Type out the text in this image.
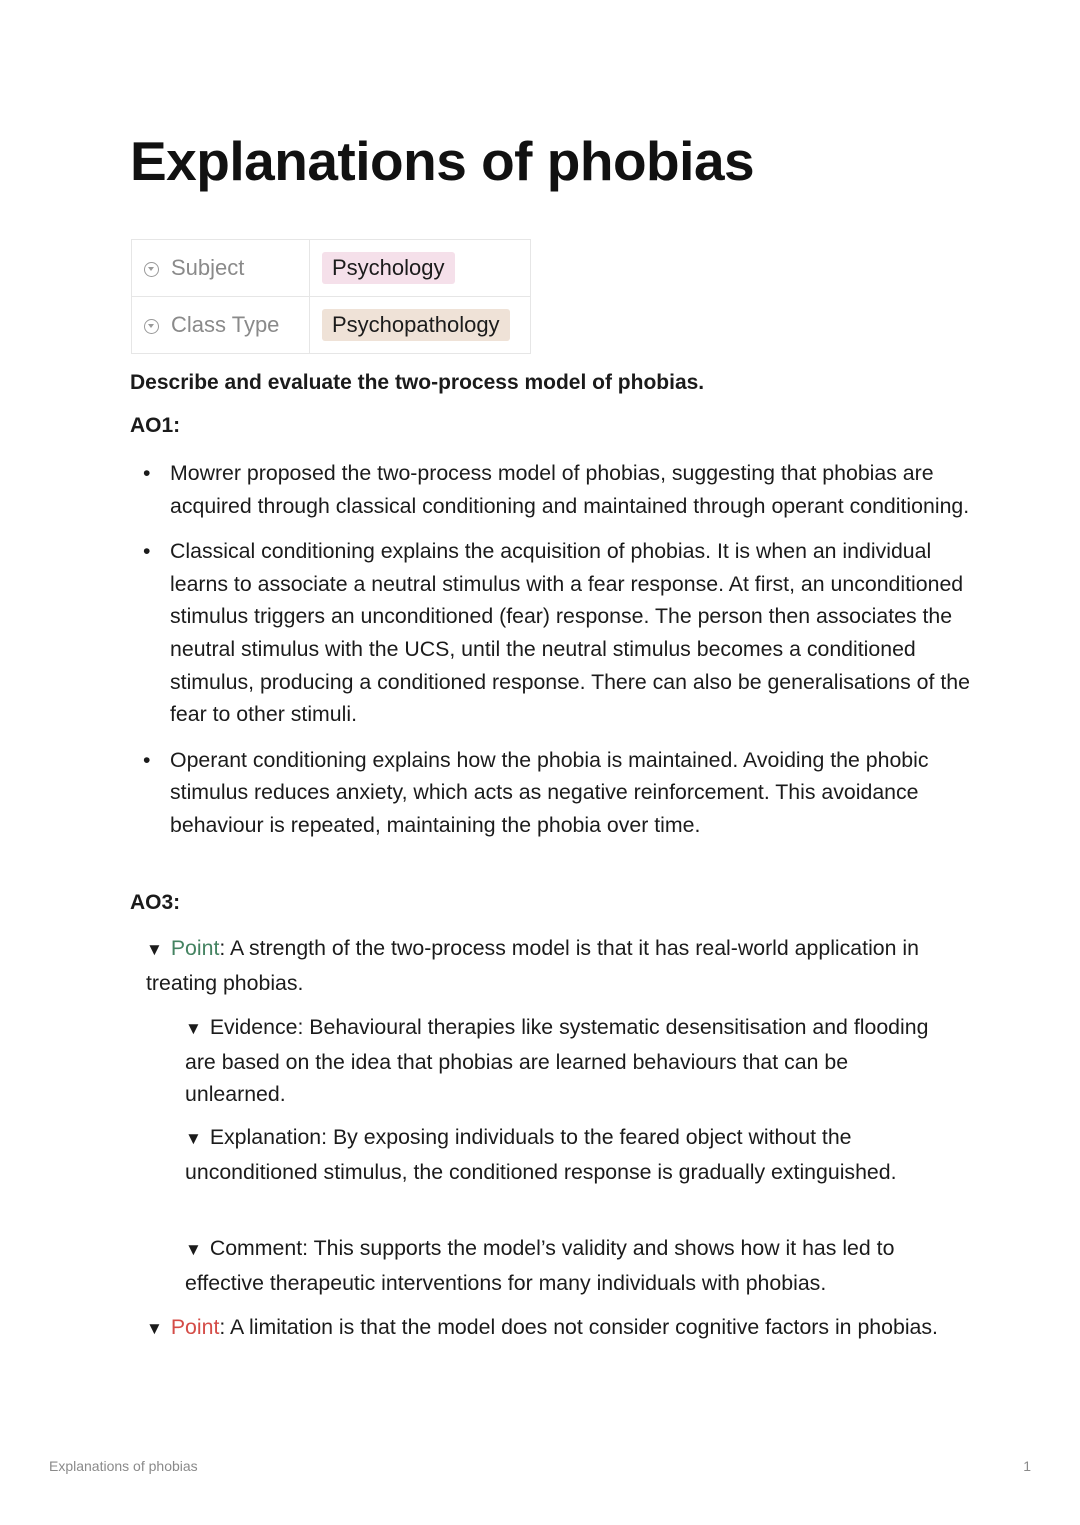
Explanations of phobias
Subject	Psychology
Class Type	Psychopathology

Describe and evaluate the two-process model of phobias.

AO1:

• Mowrer proposed the two-process model of phobias, suggesting that phobias are acquired through classical conditioning and maintained through operant conditioning.
• Classical conditioning explains the acquisition of phobias. It is when an individual learns to associate a neutral stimulus with a fear response. At first, an unconditioned stimulus triggers an unconditioned (fear) response. The person then associates the neutral stimulus with the UCS, until the neutral stimulus becomes a conditioned stimulus, producing a conditioned response. There can also be generalisations of the fear to other stimuli.
• Operant conditioning explains how the phobia is maintained. Avoiding the phobic stimulus reduces anxiety, which acts as negative reinforcement. This avoidance behaviour is repeated, maintaining the phobia over time.

AO3:

▼ Point: A strength of the two-process model is that it has real-world application in treating phobias.

▼ Evidence: Behavioural therapies like systematic desensitisation and flooding are based on the idea that phobias are learned behaviours that can be unlearned.

▼ Explanation: By exposing individuals to the feared object without the unconditioned stimulus, the conditioned response is gradually extinguished.

▼ Comment: This supports the model’s validity and shows how it has led to effective therapeutic interventions for many individuals with phobias.

▼ Point: A limitation is that the model does not consider cognitive factors in phobias.

Explanations of phobias	1
